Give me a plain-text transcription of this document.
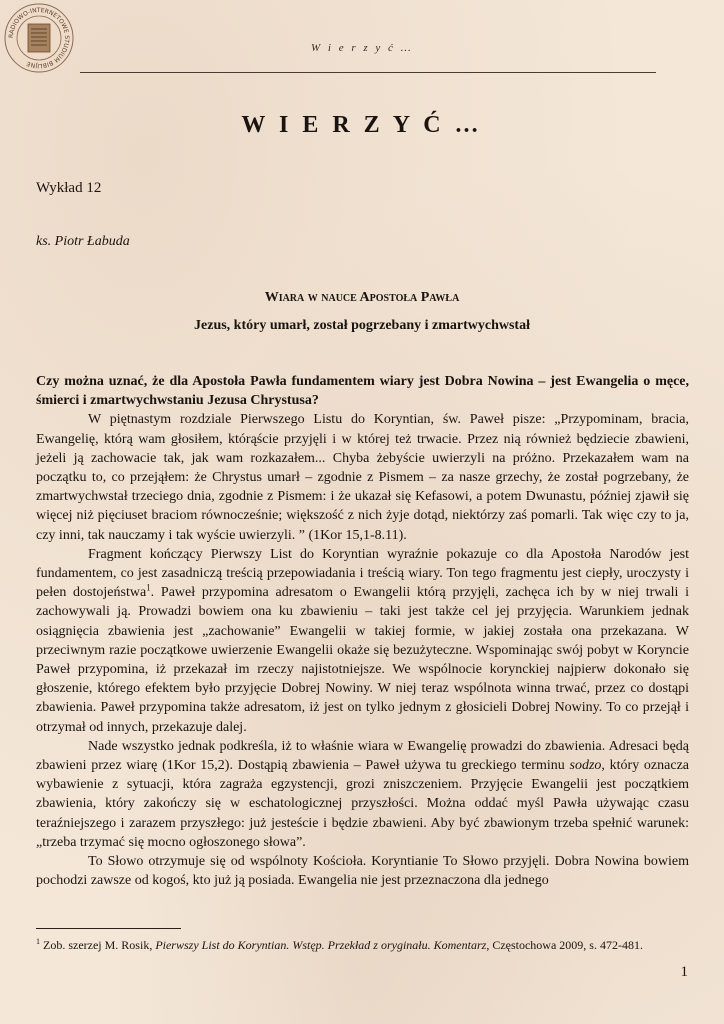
RADIOWO-INTERNETOWE STUDIUM BIBLIJNE
W i e r z y ć …
W I E R Z Y Ć …
Wykład 12
ks. Piotr Łabuda
Wiara w nauce Apostoła Pawła
Jezus, który umarł, został pogrzebany i zmartwychwstał
Czy można uznać, że dla Apostoła Pawła fundamentem wiary jest Dobra Nowina – jest Ewangelia o męce, śmierci i zmartwychwstaniu Jezusa Chrystusa?

W piętnastym rozdziale Pierwszego Listu do Koryntian, św. Paweł pisze: „Przypominam, bracia, Ewangelię, którą wam głosiłem, którąście przyjęli i w której też trwacie. Przez nią również będziecie zbawieni, jeżeli ją zachowacie tak, jak wam rozkazałem... Chyba żebyście uwierzyli na próżno. Przekazałem wam na początku to, co przejąłem: że Chrystus umarł – zgodnie z Pismem – za nasze grzechy, że został pogrzebany, że zmartwychwstał trzeciego dnia, zgodnie z Pismem: i że ukazał się Kefasowi, a potem Dwunastu, później zjawił się więcej niż pięciuset braciom równocześnie; większość z nich żyje dotąd, niektórzy zaś pomarli. Tak więc czy to ja, czy inni, tak nauczamy i tak wyście uwierzyli. ” (1Kor 15,1-8.11).

Fragment kończący Pierwszy List do Koryntian wyraźnie pokazuje co dla Apostoła Narodów jest fundamentem, co jest zasadniczą treścią przepowiadania i treścią wiary. Ton tego fragmentu jest ciepły, uroczysty i pełen dostojeństwa$^1$. Paweł przypomina adresatom o Ewangelii którą przyjęli, zachęca ich by w niej trwali i zachowywali ją. Prowadzi bowiem ona ku zbawieniu – taki jest także cel jej przyjęcia. Warunkiem jednak osiągnięcia zbawienia jest „zachowanie” Ewangelii w takiej formie, w jakiej została ona przekazana. W przeciwnym razie początkowe uwierzenie Ewangelii okaże się bezużyteczne. Wspominając swój pobyt w Koryncie Paweł przypomina, iż przekazał im rzeczy najistotniejsze. We wspólnocie korynckiej najpierw dokonało się głoszenie, którego efektem było przyjęcie Dobrej Nowiny. W niej teraz wspólnota winna trwać, przez co dostąpi zbawienia. Paweł przypomina także adresatom, iż jest on tylko jednym z głosicieli Dobrej Nowiny. To co przejął i otrzymał od innych, przekazuje dalej.

Nade wszystko jednak podkreśla, iż to właśnie wiara w Ewangelię prowadzi do zbawienia. Adresaci będą zbawieni przez wiarę (1Kor 15,2). Dostąpią zbawienia – Paweł używa tu greckiego terminu sodzo, który oznacza wybawienie z sytuacji, która zagraża egzystencji, grozi zniszczeniem. Przyjęcie Ewangelii jest początkiem zbawienia, który zakończy się w eschatologicznej przyszłości. Można oddać myśl Pawła używając czasu teraźniejszego i zarazem przyszłego: już jesteście i będzie zbawieni. Aby być zbawionym trzeba spełnić warunek: „trzeba trzymać się mocno ogłoszonego słowa”.

To Słowo otrzymuje się od wspólnoty Kościoła. Koryntianie To Słowo przyjęli. Dobra Nowina bowiem pochodzi zawsze od kogoś, kto już ją posiada. Ewangelia nie jest przeznaczona dla jednego

$^1$ Zob. szerzej M. Rosik, Pierwszy List do Koryntian. Wstęp. Przekład z oryginału. Komentarz, Częstochowa 2009, s. 472-481.
1
